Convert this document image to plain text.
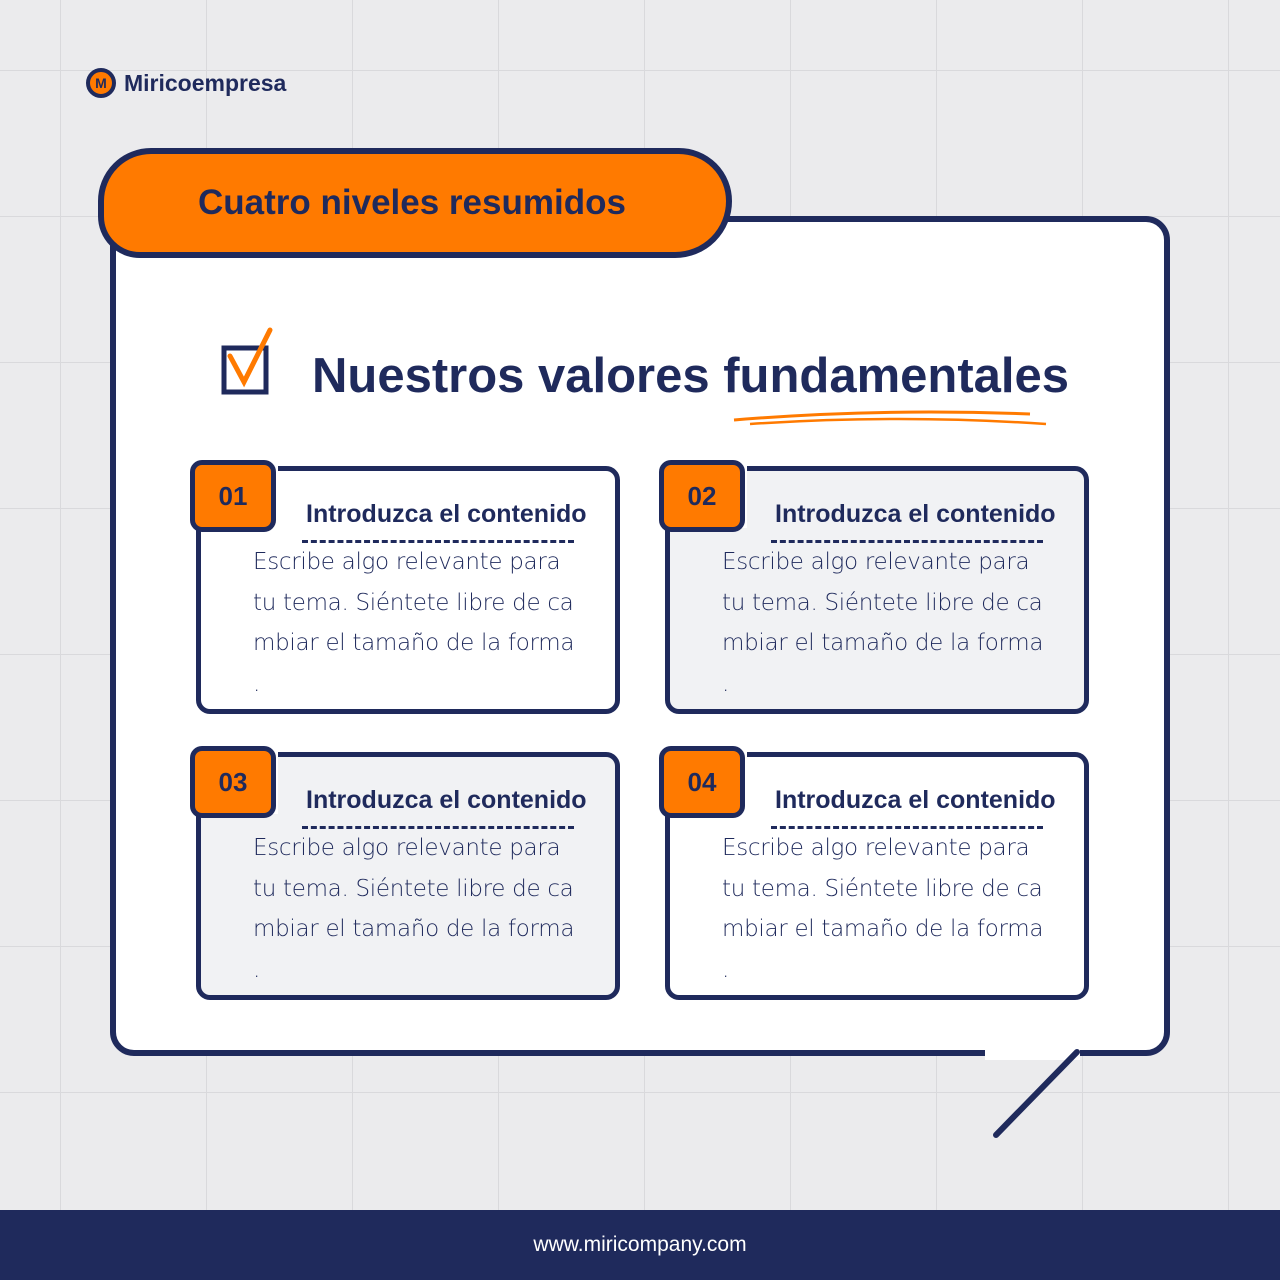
M Miricoempresa
Cuatro niveles resumidos
Nuestros valores fundamentales
01
Introduzca el contenido
Escribe algo relevante para
tu tema. Siéntete libre de ca
mbiar el tamaño de la forma
.
02
Introduzca el contenido
Escribe algo relevante para
tu tema. Siéntete libre de ca
mbiar el tamaño de la forma
.
03
Introduzca el contenido
Escribe algo relevante para
tu tema. Siéntete libre de ca
mbiar el tamaño de la forma
.
04
Introduzca el contenido
Escribe algo relevante para
tu tema. Siéntete libre de ca
mbiar el tamaño de la forma
.
www.miricompany.com
